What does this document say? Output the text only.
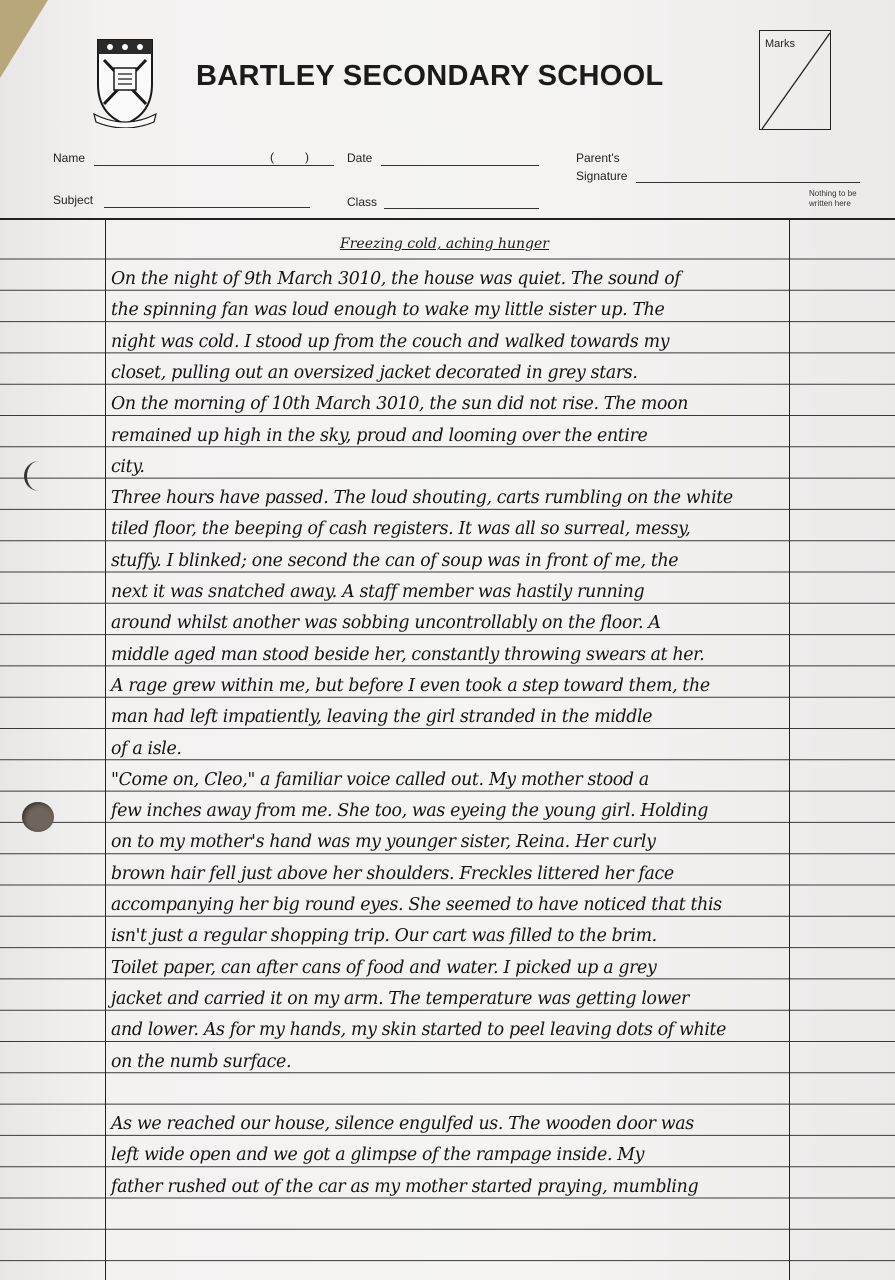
BARTLEY SECONDARY SCHOOL
Marks
Name	(	)	Date	Parent's
Signature
Subject	Class
Nothing to be
written here
Freezing cold, aching hunger
On the night of 9th March 3010, the house was quiet. The sound of
the spinning fan was loud enough to wake my little sister up. The
night was cold. I stood up from the couch and walked towards my
closet, pulling out an oversized jacket decorated in grey stars.
On the morning of 10th March 3010, the sun did not rise. The moon
remained up high in the sky, proud and looming over the entire
city.
Three hours have passed. The loud shouting, carts rumbling on the white
tiled floor, the beeping of cash registers. It was all so surreal, messy,
stuffy. I blinked; one second the can of soup was in front of me, the
next it was snatched away. A staff member was hastily running
around whilst another was sobbing uncontrollably on the floor. A
middle aged man stood beside her, constantly throwing swears at her.
A rage grew within me, but before I even took a step toward them, the
man had left impatiently, leaving the girl stranded in the middle
of a isle.
"Come on, Cleo," a familiar voice called out. My mother stood a
few inches away from me. She too, was eyeing the young girl. Holding
on to my mother's hand was my younger sister, Reina. Her curly
brown hair fell just above her shoulders. Freckles littered her face
accompanying her big round eyes. She seemed to have noticed that this
isn't just a regular shopping trip. Our cart was filled to the brim.
Toilet paper, can after cans of food and water. I picked up a grey
jacket and carried it on my arm. The temperature was getting lower
and lower. As for my hands, my skin started to peel leaving dots of white
on the numb surface.
As we reached our house, silence engulfed us. The wooden door was
left wide open and we got a glimpse of the rampage inside. My
father rushed out of the car as my mother started praying, mumbling
